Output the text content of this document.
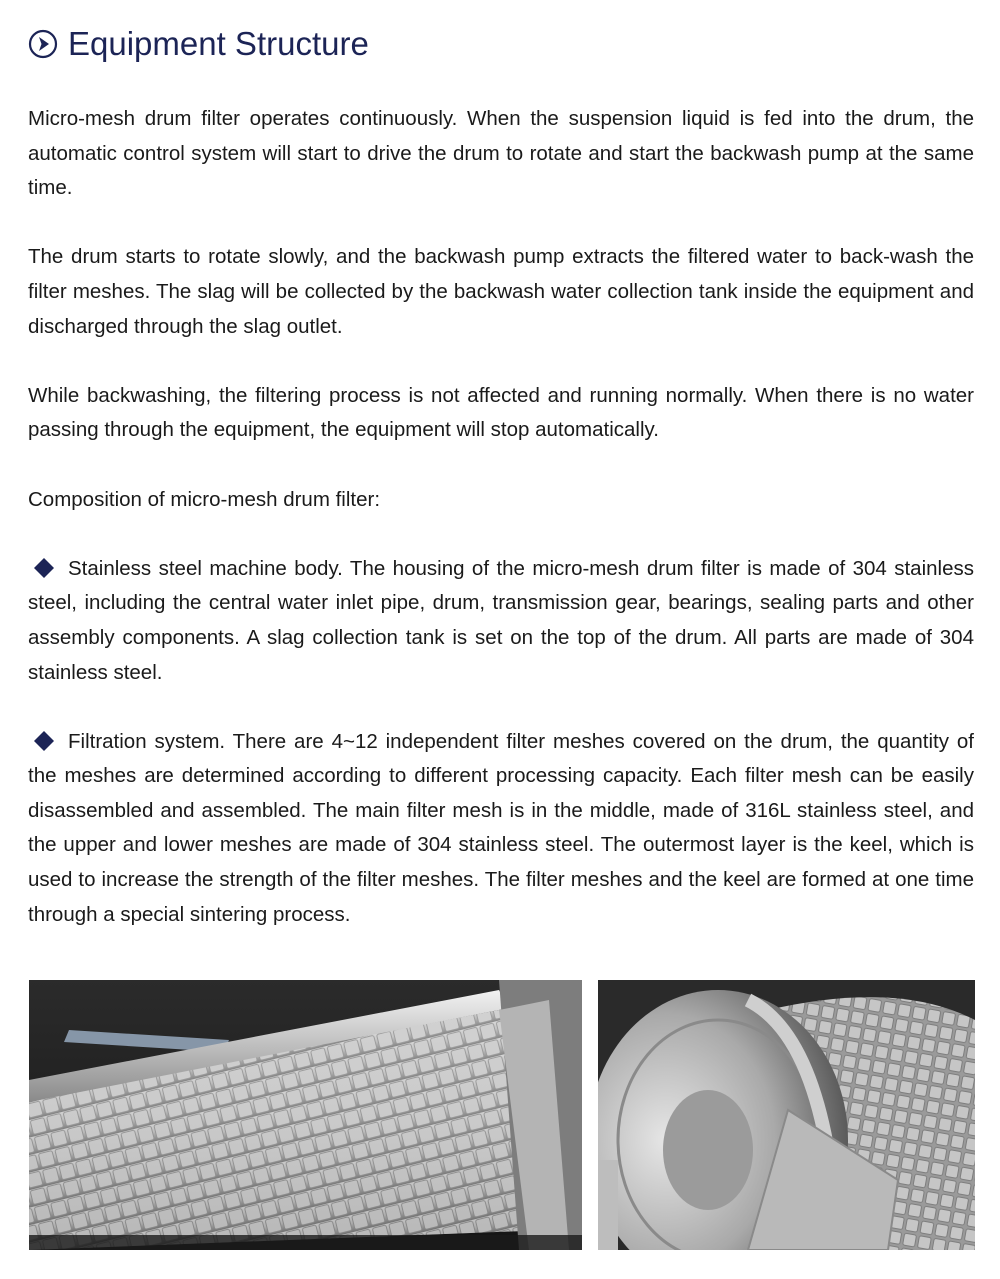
Equipment Structure

Micro-mesh drum filter operates continuously. When the suspension liquid is fed into the drum, the automatic control system will start to drive the drum to rotate and start the backwash pump at the same time.

The drum starts to rotate slowly, and the backwash pump extracts the filtered water to back-wash the filter meshes. The slag will be collected by the backwash water collection tank inside the equipment and discharged through the slag outlet.

While backwashing, the filtering process is not affected and running normally. When there is no water passing through the equipment, the equipment will stop automatically.

Composition of micro-mesh drum filter:

Stainless steel machine body. The housing of the micro-mesh drum filter is made of 304 stainless steel, including the central water inlet pipe, drum, transmission gear, bearings, sealing parts and other assembly components. A slag collection tank is set on the top of the drum. All parts are made of 304 stainless steel.

Filtration system. There are 4~12 independent filter meshes covered on the drum, the quantity of the meshes are determined according to different processing capacity. Each filter mesh can be easily disassembled and assembled. The main filter mesh is in the middle, made of 316L stainless steel, and the upper and lower meshes are made of 304 stainless steel. The outermost layer is the keel, which is used to increase the strength of the filter meshes. The filter meshes and the keel are formed at one time through a special sintering process.
